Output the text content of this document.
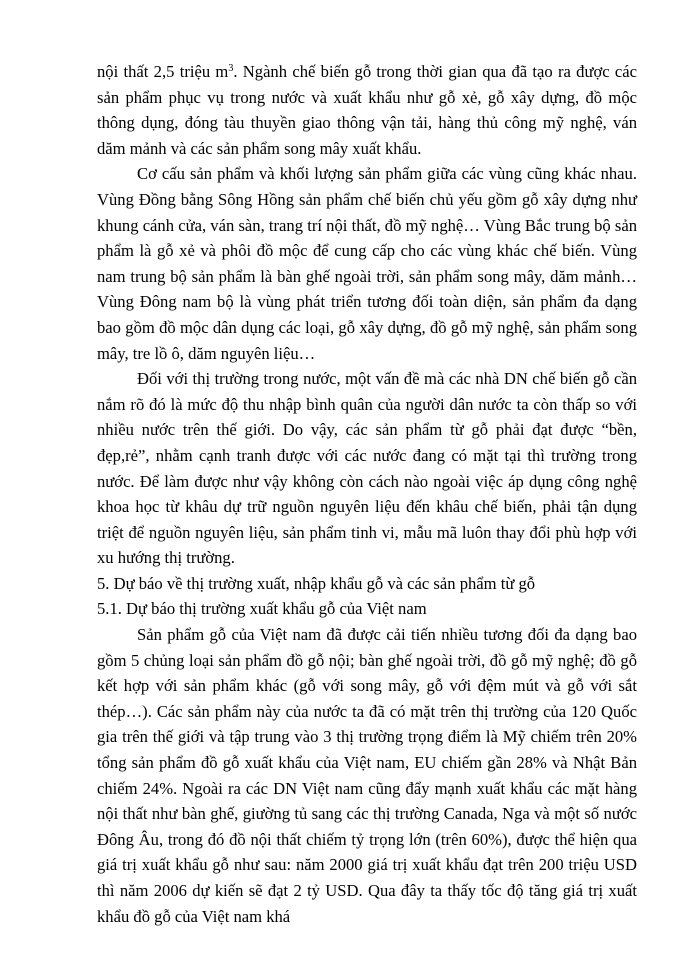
nội thất 2,5 triệu $m^3$. Ngành chế biến gỗ trong thời gian qua đã tạo ra được các sản phẩm phục vụ trong nước và xuất khẩu như gỗ xẻ, gỗ xây dựng, đồ mộc thông dụng, đóng tàu thuyền giao thông vận tải, hàng thủ công mỹ nghệ, ván dăm mảnh và các sản phẩm song mây xuất khẩu.

Cơ cấu sản phẩm và khối lượng sản phẩm giữa các vùng cũng khác nhau. Vùng Đồng bằng Sông Hồng sản phẩm chế biến chủ yếu gồm gỗ xây dựng như khung cánh cửa, ván sàn, trang trí nội thất, đồ mỹ nghệ… Vùng Bắc trung bộ sản phẩm là gỗ xẻ và phôi đồ mộc để cung cấp cho các vùng khác chế biến. Vùng nam trung bộ sản phẩm là bàn ghế ngoài trời, sản phẩm song mây, dăm mảnh… Vùng Đông nam bộ là vùng phát triển tương đối toàn diện, sản phẩm đa dạng bao gồm đồ mộc dân dụng các loại, gỗ xây dựng, đồ gỗ mỹ nghệ, sản phẩm song mây, tre lồ ô, dăm nguyên liệu…

Đối với thị trường trong nước, một vấn đề mà các nhà DN chế biến gỗ cần nắm rõ đó là mức độ thu nhập bình quân của người dân nước ta còn thấp so với nhiều nước trên thế giới. Do vậy, các sản phẩm từ gỗ phải đạt được “bền, đẹp,rẻ”, nhằm cạnh tranh được với các nước đang có mặt tại thì trường trong nước. Để làm được như vậy không còn cách nào ngoài việc áp dụng công nghệ khoa học từ khâu dự trữ nguồn nguyên liệu đến khâu chế biến, phải tận dụng triệt để nguồn nguyên liệu, sản phẩm tinh vi, mẫu mã luôn thay đổi phù hợp với xu hướng thị trường.

5. Dự báo về thị trường xuất, nhập khẩu gỗ và các sản phẩm từ gỗ
5.1. Dự báo thị trường xuất khẩu gỗ của Việt nam

Sản phẩm gỗ của Việt nam đã được cải tiến nhiều tương đối đa dạng bao gồm 5 chủng loại sản phẩm đồ gỗ nội; bàn ghế ngoài trời, đồ gỗ mỹ nghệ; đồ gỗ kết hợp với sản phẩm khác (gỗ với song mây, gỗ với đệm mút và gỗ với sắt thép…). Các sản phẩm này của nước ta đã có mặt trên thị trường của 120 Quốc gia trên thế giới và tập trung vào 3 thị trường trọng điểm là Mỹ chiếm trên 20% tổng sản phẩm đồ gỗ xuất khẩu của Việt nam, EU chiếm gần 28% và Nhật Bản chiếm 24%. Ngoài ra các DN Việt nam cũng đẩy mạnh xuất khẩu các mặt hàng nội thất như bàn ghế, giường tủ sang các thị trường Canada, Nga và một số nước Đông Âu, trong đó đồ nội thất chiếm tỷ trọng lớn (trên 60%), được thể hiện qua giá trị xuất khẩu gỗ như sau: năm 2000 giá trị xuất khẩu đạt trên 200 triệu USD thì năm 2006 dự kiến sẽ đạt 2 tỷ USD. Qua đây ta thấy tốc độ tăng giá trị xuất khẩu đồ gỗ của Việt nam khá
